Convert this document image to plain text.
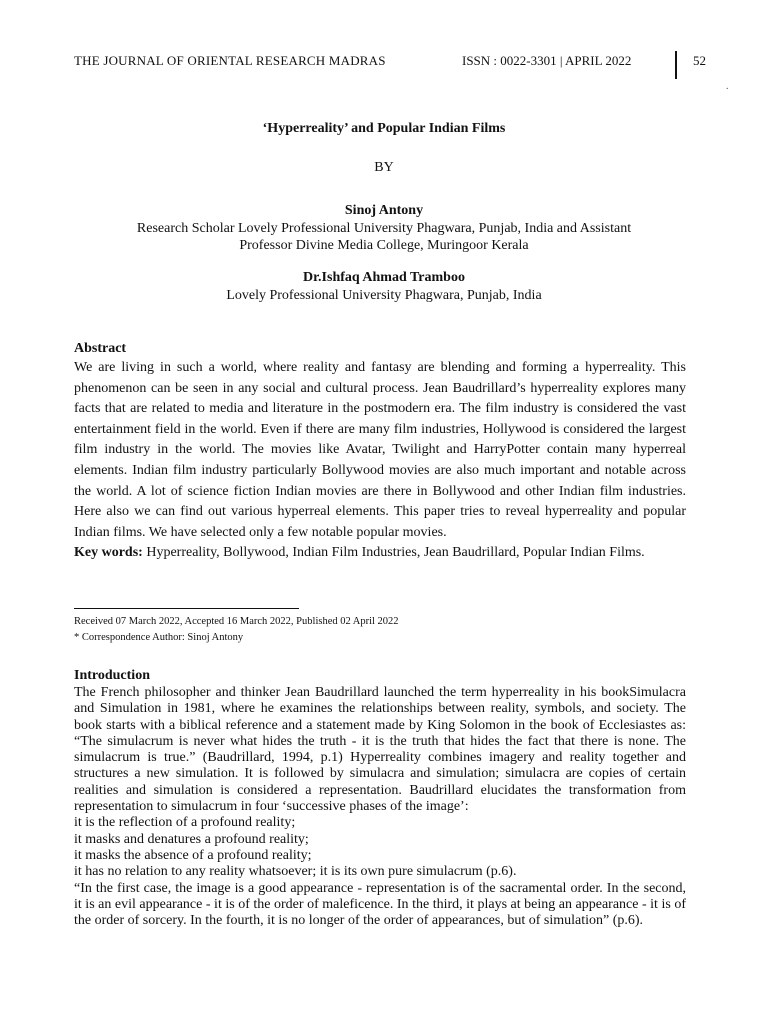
THE JOURNAL OF ORIENTAL RESEARCH MADRAS	ISSN : 0022-3301 | APRIL 2022	52
.
‘Hyperreality’ and Popular Indian Films
BY
Sinoj Antony
Research Scholar Lovely Professional University Phagwara, Punjab, India and Assistant
Professor Divine Media College, Muringoor Kerala
Dr.Ishfaq Ahmad Tramboo
Lovely Professional University Phagwara, Punjab, India
Abstract

We are living in such a world, where reality and fantasy are blending and forming a hyperreality. This phenomenon can be seen in any social and cultural process. Jean Baudrillard’s hyperreality explores many facts that are related to media and literature in the postmodern era. The film industry is considered the vast entertainment field in the world. Even if there are many film industries, Hollywood is considered the largest film industry in the world. The movies like Avatar, Twilight and HarryPotter contain many hyperreal elements. Indian film industry particularly Bollywood movies are also much important and notable across the world. A lot of science fiction Indian movies are there in Bollywood and other Indian film industries. Here also we can find out various hyperreal elements. This paper tries to reveal hyperreality and popular Indian films. We have selected only a few notable popular movies.

Key words: Hyperreality, Bollywood, Indian Film Industries, Jean Baudrillard, Popular Indian Films.

Received 07 March 2022, Accepted 16 March 2022, Published 02 April 2022
* Correspondence Author: Sinoj Antony
Introduction

The French philosopher and thinker Jean Baudrillard launched the term hyperreality in his bookSimulacra and Simulation in 1981, where he examines the relationships between reality, symbols, and society. The book starts with a biblical reference and a statement made by King Solomon in the book of Ecclesiastes as: “The simulacrum is never what hides the truth - it is the truth that hides the fact that there is none. The simulacrum is true.” (Baudrillard, 1994, p.1) Hyperreality combines imagery and reality together and structures a new simulation. It is followed by simulacra and simulation; simulacra are copies of certain realities and simulation is considered a representation. Baudrillard elucidates the transformation from representation to simulacrum in four ‘successive phases of the image’:

it is the reflection of a profound reality;
it masks and denatures a profound reality;
it masks the absence of a profound reality;
it has no relation to any reality whatsoever; it is its own pure simulacrum (p.6).

“In the first case, the image is a good appearance - representation is of the sacramental order. In the second, it is an evil appearance - it is of the order of maleficence. In the third, it plays at being an appearance - it is of the order of sorcery. In the fourth, it is no longer of the order of appearances, but of simulation” (p.6).
